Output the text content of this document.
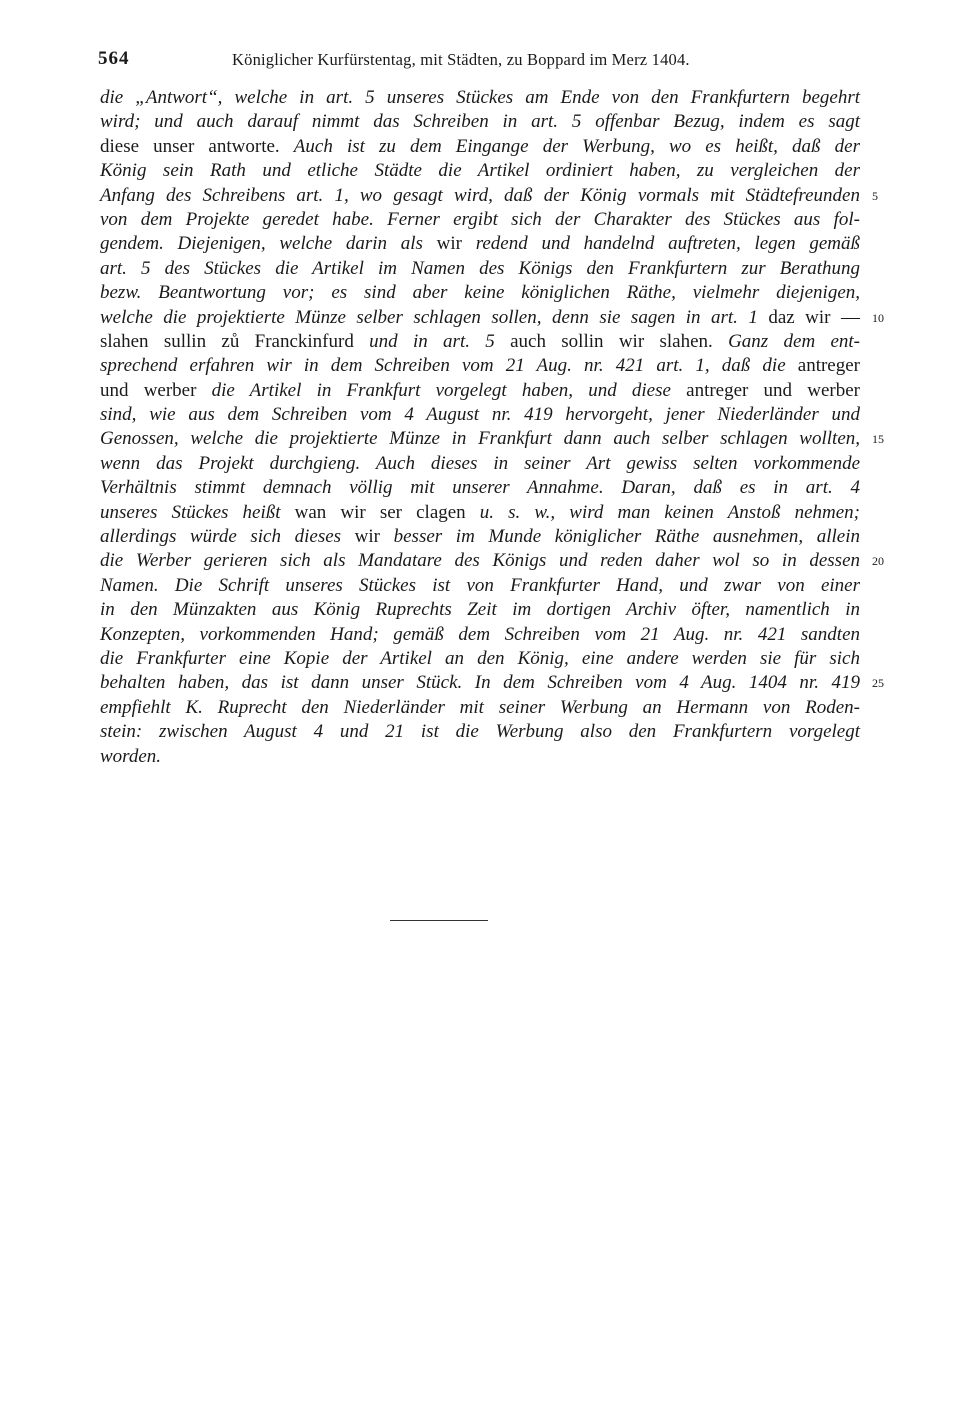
564	Königlicher Kurfürstentag, mit Städten, zu Boppard im Merz 1404.
die „Antwort“, welche in art. 5 unseres Stückes am Ende von den Frankfurtern begehrt
wird; und auch darauf nimmt das Schreiben in art. 5 offenbar Bezug, indem es sagt
diese unser antworte. Auch ist zu dem Eingange der Werbung, wo es heißt, daß der
König sein Rath und etliche Städte die Artikel ordiniert haben, zu vergleichen der
Anfang des Schreibens art. 1, wo gesagt wird, daß der König vormals mit Städtefreunden 5
von dem Projekte geredet habe. Ferner ergibt sich der Charakter des Stückes aus fol-
gendem. Diejenigen, welche darin als wir redend und handelnd auftreten, legen gemäß
art. 5 des Stückes die Artikel im Namen des Königs den Frankfurtern zur Berathung
bezw. Beantwortung vor; es sind aber keine königlichen Räthe, vielmehr diejenigen,
welche die projektierte Münze selber schlagen sollen, denn sie sagen in art. 1 daz wir — 10
slahen sullin zů Franckinfurd und in art. 5 auch sollin wir slahen. Ganz dem ent-
sprechend erfahren wir in dem Schreiben vom 21 Aug. nr. 421 art. 1, daß die antreger
und werber die Artikel in Frankfurt vorgelegt haben, und diese antreger und werber
sind, wie aus dem Schreiben vom 4 August nr. 419 hervorgeht, jener Niederländer und
Genossen, welche die projektierte Münze in Frankfurt dann auch selber schlagen wollten, 15
wenn das Projekt durchgieng. Auch dieses in seiner Art gewiss selten vorkommende
Verhältnis stimmt demnach völlig mit unserer Annahme. Daran, daß es in art. 4
unseres Stückes heißt wan wir ser clagen u. s. w., wird man keinen Anstoß nehmen;
allerdings würde sich dieses wir besser im Munde königlicher Räthe ausnehmen, allein
die Werber gerieren sich als Mandatare des Königs und reden daher wol so in dessen 20
Namen. Die Schrift unseres Stückes ist von Frankfurter Hand, und zwar von einer
in den Münzakten aus König Ruprechts Zeit im dortigen Archiv öfter, namentlich in
Konzepten, vorkommenden Hand; gemäß dem Schreiben vom 21 Aug. nr. 421 sandten
die Frankfurter eine Kopie der Artikel an den König, eine andere werden sie für sich
behalten haben, das ist dann unser Stück. In dem Schreiben vom 4 Aug. 1404 nr. 419 25
empfiehlt K. Ruprecht den Niederländer mit seiner Werbung an Hermann von Roden-
stein: zwischen August 4 und 21 ist die Werbung also den Frankfurtern vorgelegt
worden.
